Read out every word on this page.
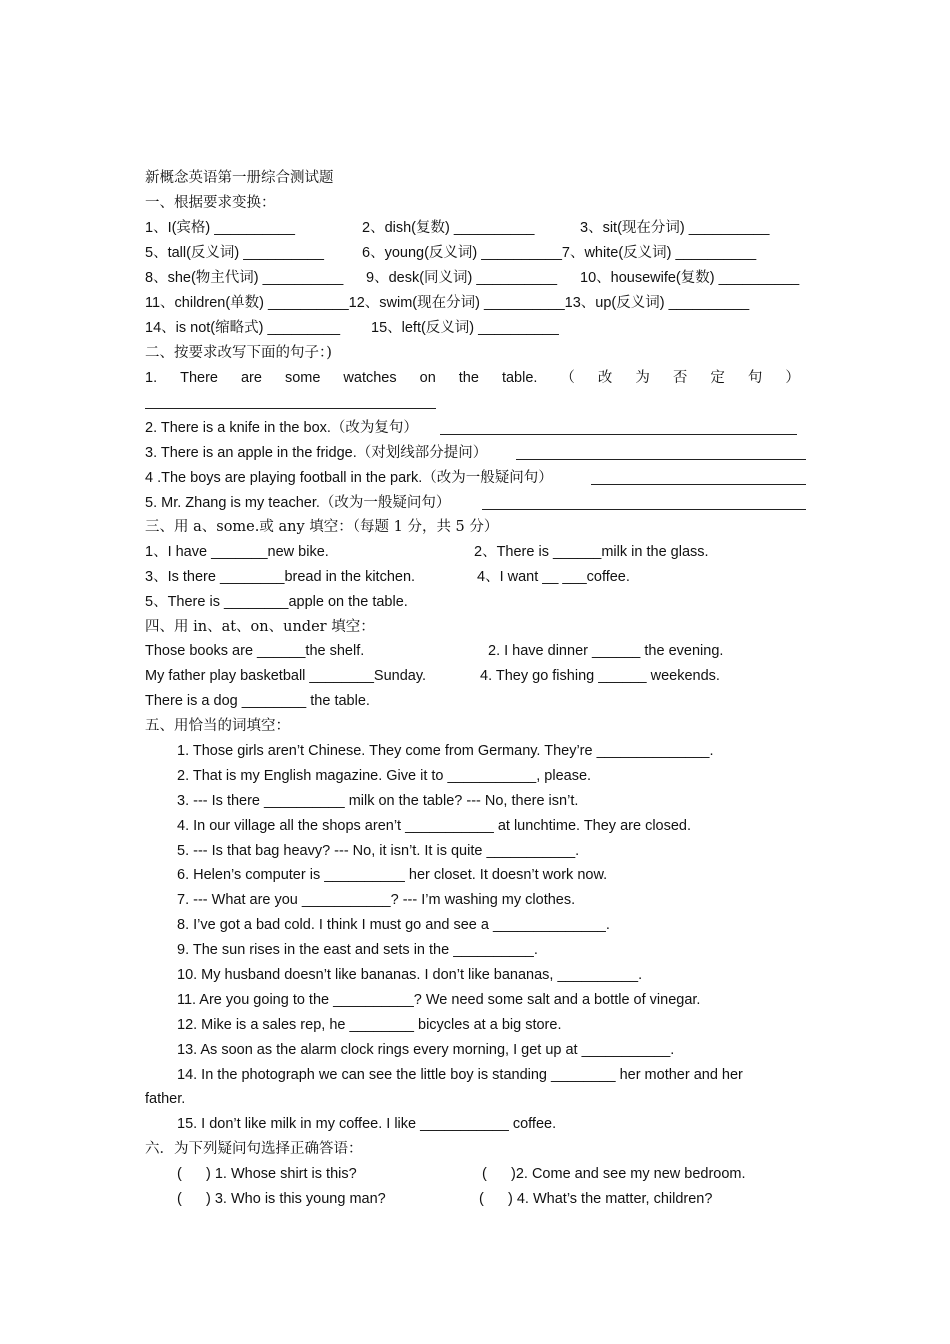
新概念英语第一册综合测试题
一、根据要求变换：
1、I(宾格) __________	2、dish(复数) __________	3、sit(现在分词) __________
5、tall(反义词) __________	6、young(反义词) __________7、white(反义词) __________
8、she(物主代词) __________ 9、desk(同义词) __________ 10、housewife(复数) __________
11、children(单数) __________12、swim(现在分词) __________13、up(反义词) __________
14、is not(缩略式) _________ 15、left(反义词) __________
二、按要求改写下面的句子：)
1. There are some watches on the table. （ 改 为 否 定 句 ）
2. There is a knife in the box.（改为复句）
3. There is an apple in the fridge.（对划线部分提问）
4 .The boys are playing football in the park.（改为一般疑问句）
5. Mr. Zhang is my teacher.（改为一般疑问句）
三、用 a、some.或 any 填空：（每题 1 分，共 5 分）
1、I have _______new bike.	2、There is ______milk in the glass.
3、Is there ________bread in the kitchen.	4、I want __ ___coffee.
5、There is ________apple on the table.
四、用 in、at、on、under 填空：
Those books are ______the shelf.	2. I have dinner ______ the evening.
My father play basketball ________Sunday.	4. They go fishing ______ weekends.
There is a dog ________ the table.
五、用恰当的词填空：
1. Those girls aren’t Chinese. They come from Germany. They’re ______________.
2. That is my English magazine. Give it to ___________, please.
3. --- Is there __________ milk on the table? --- No, there isn’t.
4. In our village all the shops aren’t ___________ at lunchtime. They are closed.
5. --- Is that bag heavy? --- No, it isn’t. It is quite ___________.
6. Helen’s computer is __________ her closet. It doesn’t work now.
7. --- What are you ___________? --- I’m washing my clothes.
8. I’ve got a bad cold. I think I must go and see a ______________.
9. The sun rises in the east and sets in the __________.
10. My husband doesn’t like bananas. I don’t like bananas, __________.
11. Are you going to the __________? We need some salt and a bottle of vinegar.
12. Mike is a sales rep, he ________ bicycles at a big store.
13. As soon as the alarm clock rings every morning, I get up at ___________.
14. In the photograph we can see the little boy is standing ________ her mother and her
father.
15. I don’t like milk in my coffee. I like ___________ coffee.
六．为下列疑问句选择正确答语：
(      ) 1. Whose shirt is this?	(      )2. Come and see my new bedroom.
(      ) 3. Who is this young man?	(      ) 4. What’s the matter, children?
